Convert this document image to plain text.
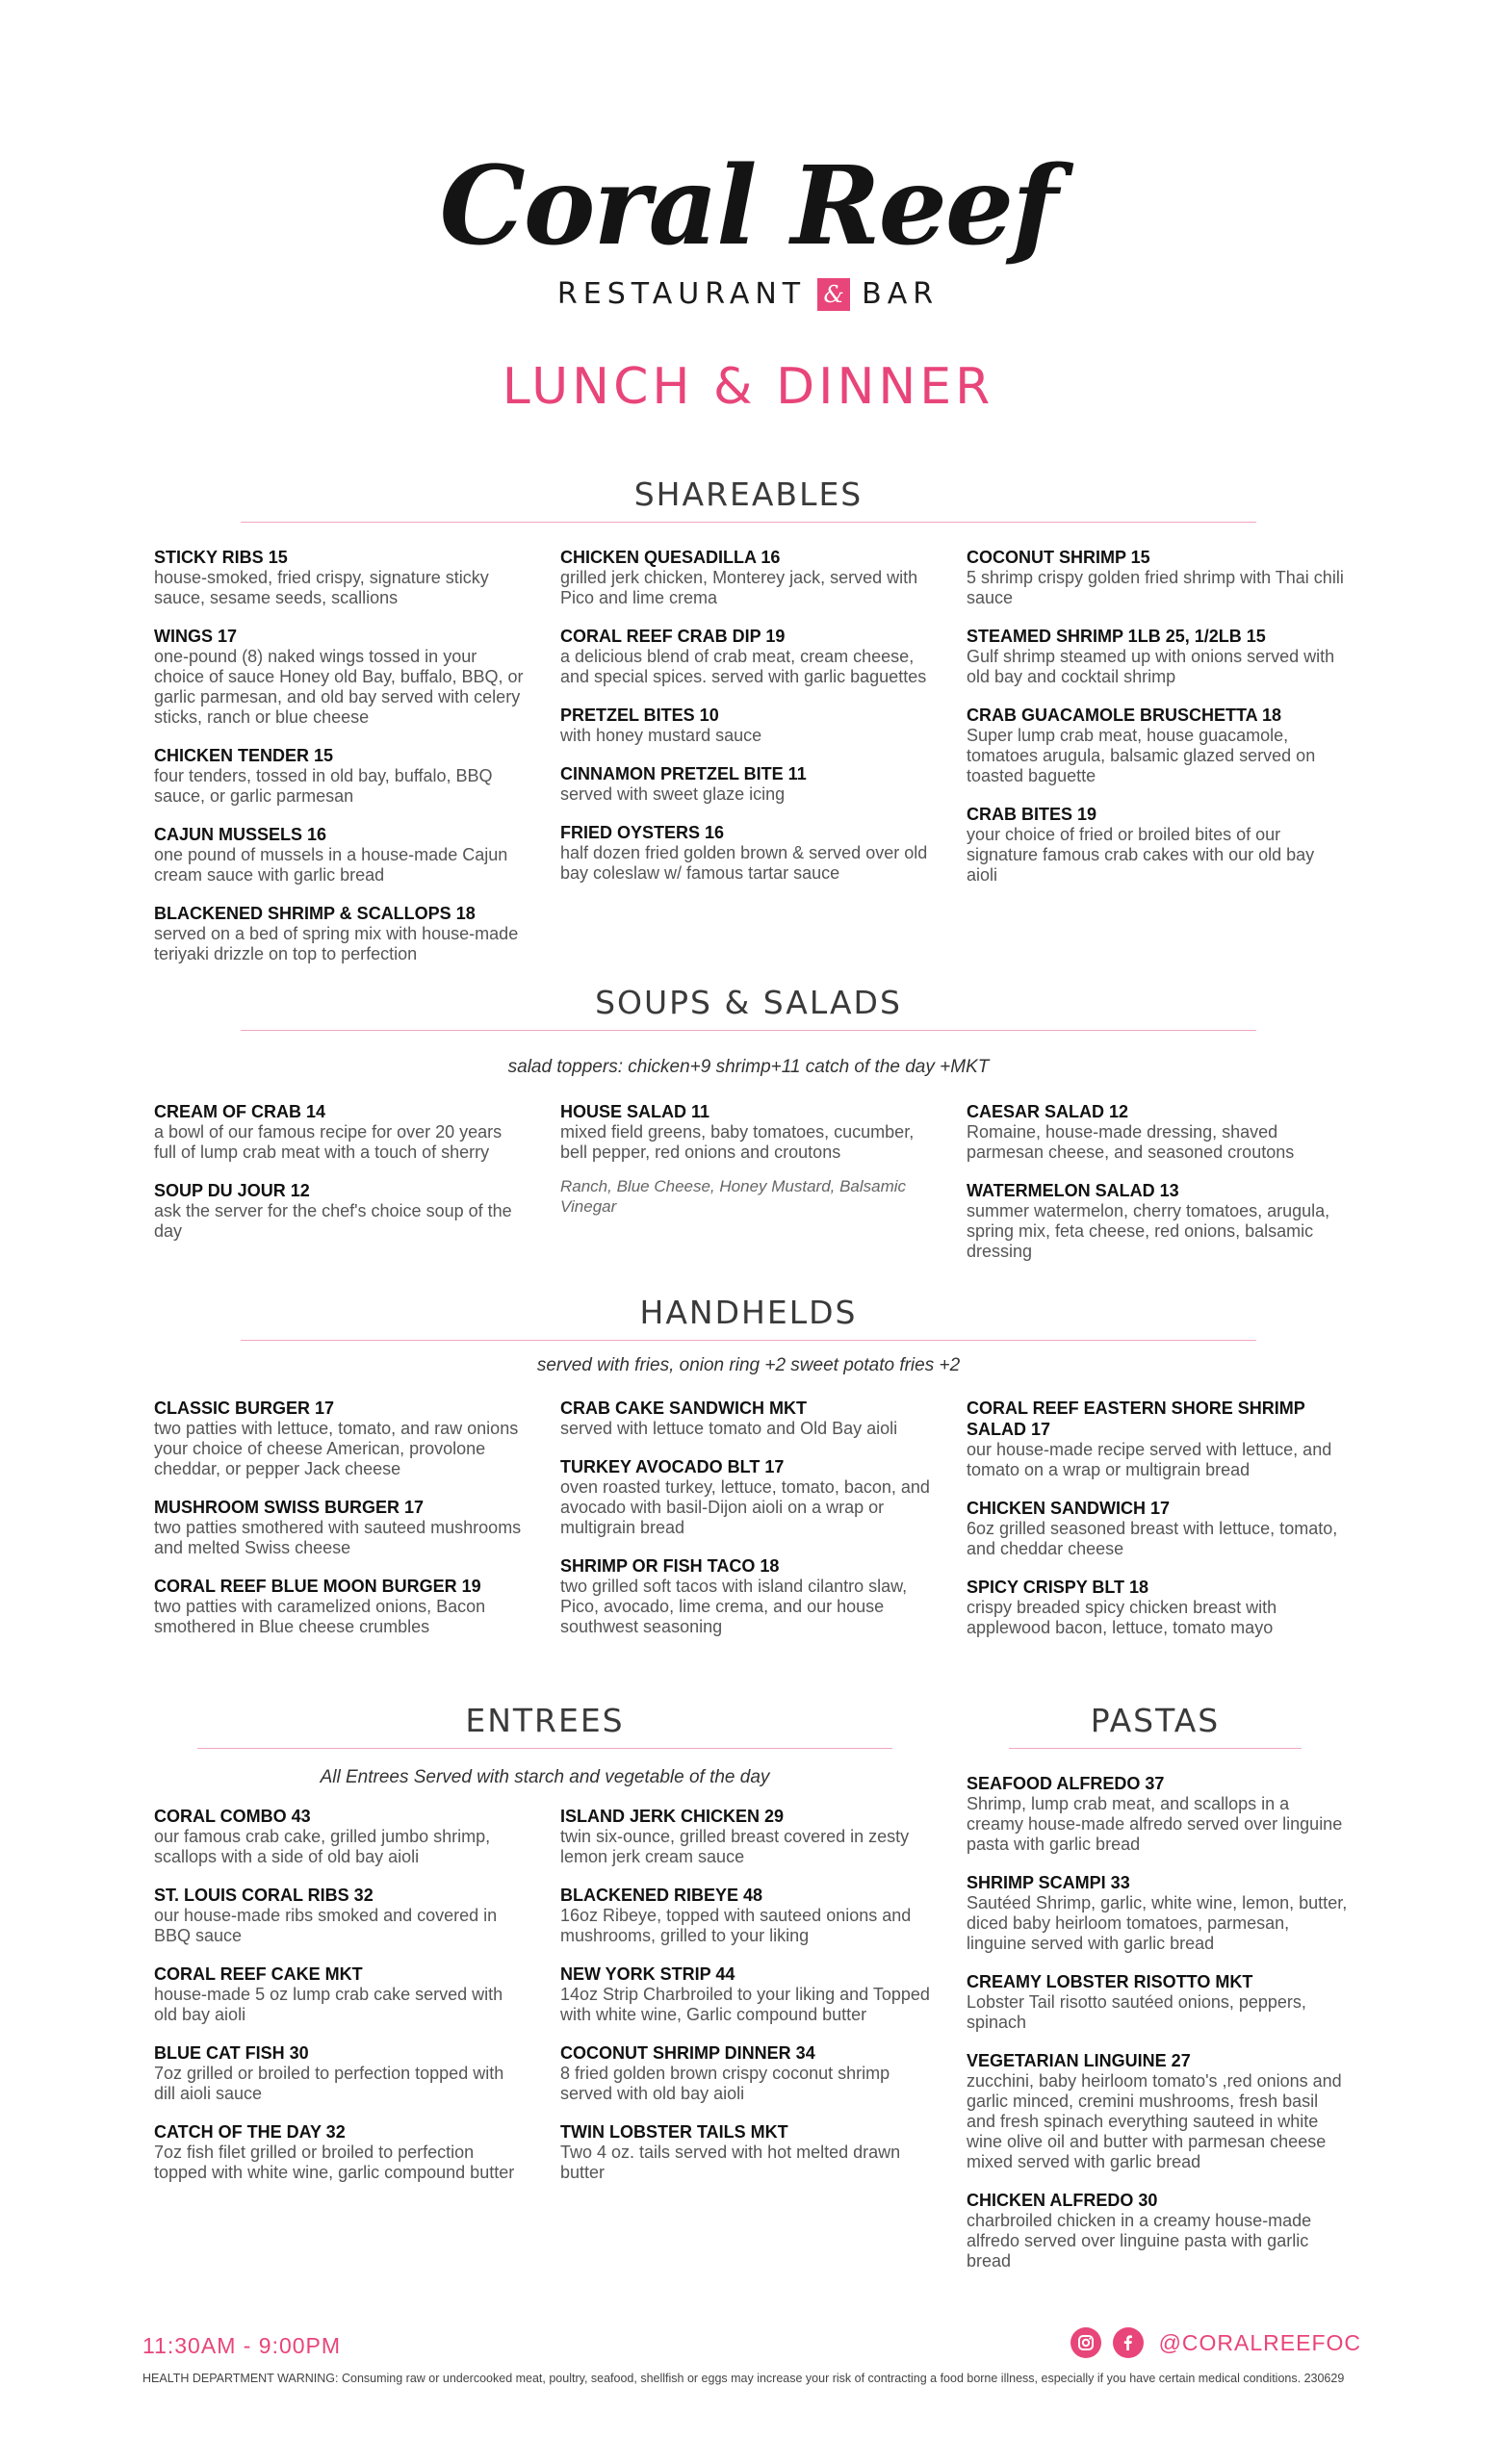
Coral Reef
RESTAURANT & BAR
LUNCH & DINNER
SHAREABLES
STICKY RIBS 15
house-smoked, fried crispy, signature sticky sauce, sesame seeds, scallions
WINGS 17
one-pound (8) naked wings tossed in your choice of sauce Honey old Bay, buffalo, BBQ, or garlic parmesan, and old bay served with celery sticks, ranch or blue cheese
CHICKEN TENDER 15
four tenders, tossed in old bay, buffalo, BBQ sauce, or garlic parmesan
CAJUN MUSSELS 16
one pound of mussels in a house-made Cajun cream sauce with garlic bread
BLACKENED SHRIMP & SCALLOPS 18
served on a bed of spring mix with house-made teriyaki drizzle on top to perfection
CHICKEN QUESADILLA 16
grilled jerk chicken, Monterey jack, served with Pico and lime crema
CORAL REEF CRAB DIP 19
a delicious blend of crab meat, cream cheese, and special spices. served with garlic baguettes
PRETZEL BITES 10
with honey mustard sauce
CINNAMON PRETZEL BITE 11
served with sweet glaze icing
FRIED OYSTERS 16
half dozen fried golden brown & served over old bay coleslaw w/ famous tartar sauce
COCONUT SHRIMP 15
5 shrimp crispy golden fried shrimp with Thai chili sauce
STEAMED SHRIMP 1LB 25, 1/2LB 15
Gulf shrimp steamed up with onions served with old bay and cocktail shrimp
CRAB GUACAMOLE BRUSCHETTA 18
Super lump crab meat, house guacamole, tomatoes arugula, balsamic glazed served on toasted baguette
CRAB BITES 19
your choice of fried or broiled bites of our signature famous crab cakes with our old bay aioli
SOUPS & SALADS
salad toppers: chicken+9 shrimp+11 catch of the day +MKT
CREAM OF CRAB 14
a bowl of our famous recipe for over 20 years full of lump crab meat with a touch of sherry
SOUP DU JOUR 12
ask the server for the chef's choice soup of the day
HOUSE SALAD 11
mixed field greens, baby tomatoes, cucumber, bell pepper, red onions and croutons
Ranch, Blue Cheese, Honey Mustard, Balsamic Vinegar
CAESAR SALAD 12
Romaine, house-made dressing, shaved parmesan cheese, and seasoned croutons
WATERMELON SALAD 13
summer watermelon, cherry tomatoes, arugula, spring mix, feta cheese, red onions, balsamic dressing
HANDHELDS
served with fries, onion ring +2 sweet potato fries +2
CLASSIC BURGER 17
two patties with lettuce, tomato, and raw onions your choice of cheese American, provolone cheddar, or pepper Jack cheese
MUSHROOM SWISS BURGER 17
two patties smothered with sauteed mushrooms and melted Swiss cheese
CORAL REEF BLUE MOON BURGER 19
two patties with caramelized onions, Bacon smothered in Blue cheese crumbles
CRAB CAKE SANDWICH MKT
served with lettuce tomato and Old Bay aioli
TURKEY AVOCADO BLT 17
oven roasted turkey, lettuce, tomato, bacon, and avocado with basil-Dijon aioli on a wrap or multigrain bread
SHRIMP OR FISH TACO 18
two grilled soft tacos with island cilantro slaw, Pico, avocado, lime crema, and our house southwest seasoning
CORAL REEF EASTERN SHORE SHRIMP SALAD 17
our house-made recipe served with lettuce, and tomato on a wrap or multigrain bread
CHICKEN SANDWICH 17
6oz grilled seasoned breast with lettuce, tomato, and cheddar cheese
SPICY CRISPY BLT 18
crispy breaded spicy chicken breast with applewood bacon, lettuce, tomato mayo
ENTREES
All Entrees Served with starch and vegetable of the day
CORAL COMBO 43
our famous crab cake, grilled jumbo shrimp, scallops with a side of old bay aioli
ST. LOUIS CORAL RIBS 32
our house-made ribs smoked and covered in BBQ sauce
CORAL REEF CAKE MKT
house-made 5 oz lump crab cake served with old bay aioli
BLUE CAT FISH 30
7oz grilled or broiled to perfection topped with dill aioli sauce
CATCH OF THE DAY 32
7oz fish filet grilled or broiled to perfection topped with white wine, garlic compound butter
ISLAND JERK CHICKEN 29
twin six-ounce, grilled breast covered in zesty lemon jerk cream sauce
BLACKENED RIBEYE 48
16oz Ribeye, topped with sauteed onions and mushrooms, grilled to your liking
NEW YORK STRIP 44
14oz Strip Charbroiled to your liking and Topped with white wine, Garlic compound butter
COCONUT SHRIMP DINNER 34
8 fried golden brown crispy coconut shrimp served with old bay aioli
TWIN LOBSTER TAILS MKT
Two 4 oz. tails served with hot melted drawn butter
PASTAS
SEAFOOD ALFREDO 37
Shrimp, lump crab meat, and scallops in a creamy house-made alfredo served over linguine pasta with garlic bread
SHRIMP SCAMPI 33
Sautéed Shrimp, garlic, white wine, lemon, butter, diced baby heirloom tomatoes, parmesan, linguine served with garlic bread
CREAMY LOBSTER RISOTTO MKT
Lobster Tail risotto sautéed onions, peppers, spinach
VEGETARIAN LINGUINE 27
zucchini, baby heirloom tomato's ,red onions and garlic minced, cremini mushrooms, fresh basil and fresh spinach everything sauteed in white wine olive oil and butter with parmesan cheese mixed served with garlic bread
CHICKEN ALFREDO 30
charbroiled chicken in a creamy house-made alfredo served over linguine pasta with garlic bread
11:30AM - 9:00PM	@CORALREEFOC
HEALTH DEPARTMENT WARNING: Consuming raw or undercooked meat, poultry, seafood, shellfish or eggs may increase your risk of contracting a food borne illness, especially if you have certain medical conditions. 230629
